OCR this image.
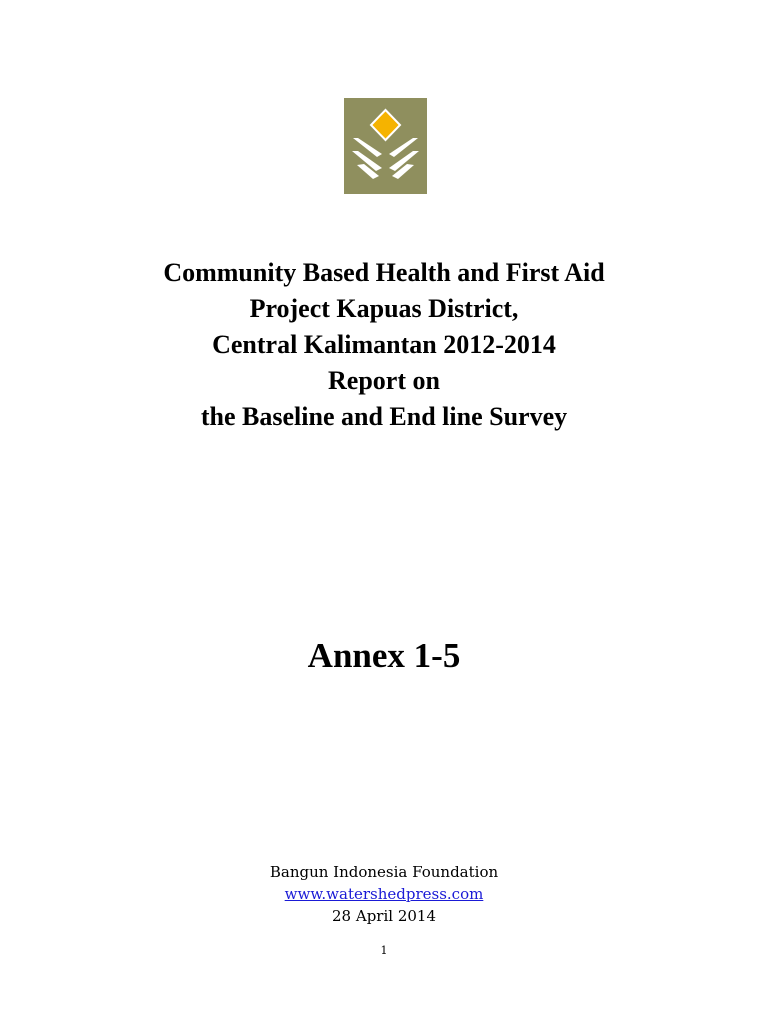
Community Based Health and First Aid
Project Kapuas District,
Central Kalimantan 2012-2014
Report on
the Baseline and End line Survey
Annex 1-5
Bangun Indonesia Foundation
www.watershedpress.com
28 April 2014
1
